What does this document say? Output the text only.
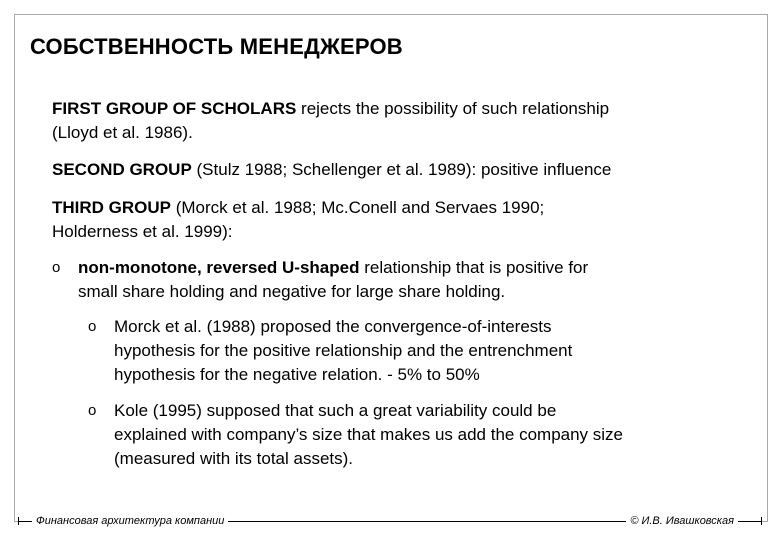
СОБСТВЕННОСТЬ МЕНЕДЖЕРОВ
FIRST GROUP OF SCHOLARS rejects the possibility of such relationship
(Lloyd et al. 1986).
SECOND GROUP (Stulz 1988; Schellenger et al. 1989): positive influence
THIRD GROUP (Morck et al. 1988; Mc.Conell and Servaes 1990;
Holderness et al. 1999):
o non-monotone, reversed U-shaped relationship that is positive for
small share holding and negative for large share holding.
o Morck et al. (1988) proposed the convergence-of-interests
hypothesis for the positive relationship and the entrenchment
hypothesis for the negative relation. - 5% to 50%
o Kole (1995) supposed that such a great variability could be
explained with company’s size that makes us add the company size
(measured with its total assets).
Финансовая архитектура компании	© И.В. Ивашковская
